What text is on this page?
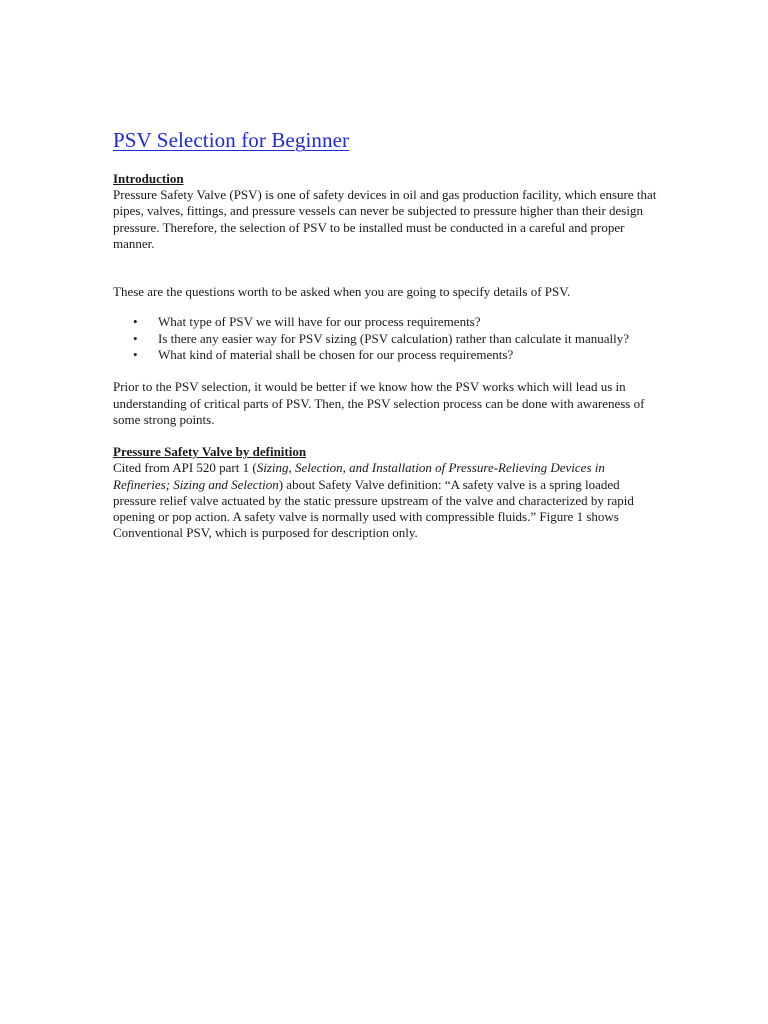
PSV Selection for Beginner

Introduction

Pressure Safety Valve (PSV) is one of safety devices in oil and gas production facility, which ensure that pipes, valves, fittings, and pressure vessels can never be subjected to pressure higher than their design pressure. Therefore, the selection of PSV to be installed must be conducted in a careful and proper manner.

These are the questions worth to be asked when you are going to specify details of PSV.

• What type of PSV we will have for our process requirements?
• Is there any easier way for PSV sizing (PSV calculation) rather than calculate it manually?
• What kind of material shall be chosen for our process requirements?

Prior to the PSV selection, it would be better if we know how the PSV works which will lead us in understanding of critical parts of PSV. Then, the PSV selection process can be done with awareness of some strong points.

Pressure Safety Valve by definition

Cited from API 520 part 1 (Sizing, Selection, and Installation of Pressure-Relieving Devices in Refineries; Sizing and Selection) about Safety Valve definition: “A safety valve is a spring loaded pressure relief valve actuated by the static pressure upstream of the valve and characterized by rapid opening or pop action. A safety valve is normally used with compressible fluids.” Figure 1 shows Conventional PSV, which is purposed for description only.
